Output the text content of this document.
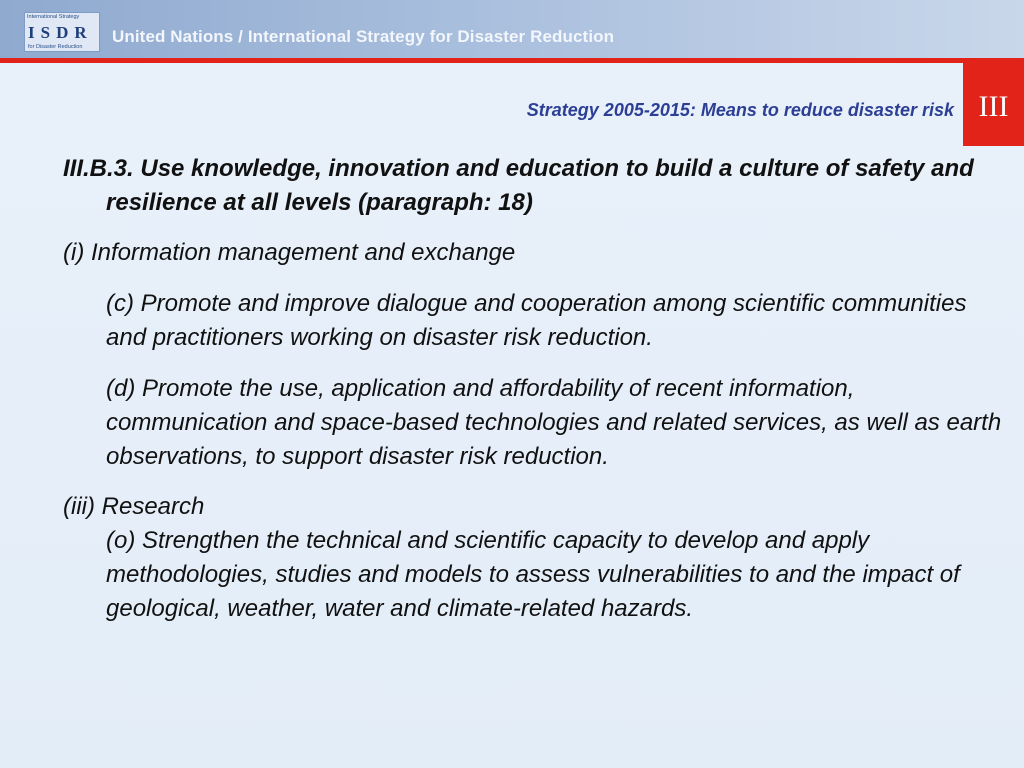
International Strategy
ISDR
for Disaster Reduction
United Nations / International Strategy for Disaster Reduction
III
Strategy 2005-2015: Means to reduce disaster risk

III.B.3. Use knowledge, innovation and education to build a culture of safety and resilience at all levels (paragraph: 18)

(i) Information management and exchange

(c) Promote and improve dialogue and cooperation among scientific communities and practitioners working on disaster risk reduction.

(d) Promote the use, application and affordability of recent information, communication and space-based technologies and related services, as well as earth observations, to support disaster risk reduction.

(iii) Research

(o) Strengthen the technical and scientific capacity to develop and apply methodologies, studies and models to assess vulnerabilities to and the impact of geological, weather, water and climate-related hazards.
